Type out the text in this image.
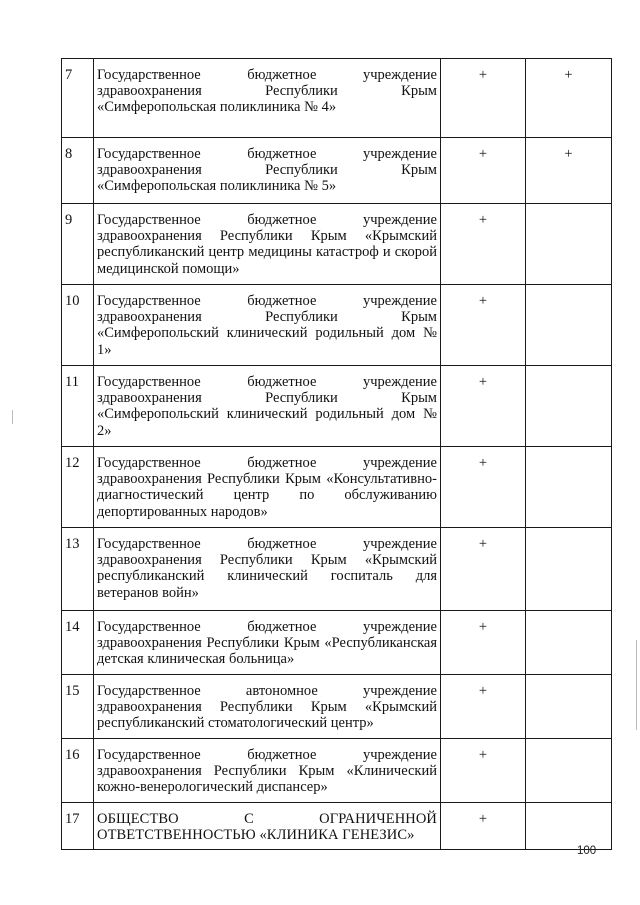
7	Государственное бюджетное учреждение здравоохранения Республики Крым «Симферопольская поликлиника № 4»	+	+
8	Государственное бюджетное учреждение здравоохранения Республики Крым «Симферопольская поликлиника № 5»	+	+
9	Государственное бюджетное учреждение здравоохранения Республики Крым «Крымский республиканский центр медицины катастроф и скорой медицинской помощи»	+	
10	Государственное бюджетное учреждение здравоохранения Республики Крым «Симферопольский клинический родильный дом № 1»	+	
11	Государственное бюджетное учреждение здравоохранения Республики Крым «Симферопольский клинический родильный дом № 2»	+	
12	Государственное бюджетное учреждение здравоохранения Республики Крым «Консультативно-диагностический центр по обслуживанию депортированных народов»	+	
13	Государственное бюджетное учреждение здравоохранения Республики Крым «Крымский республиканский клинический госпиталь для ветеранов войн»	+	
14	Государственное бюджетное учреждение здравоохранения Республики Крым «Республиканская детская клиническая больница»	+	
15	Государственное автономное учреждение здравоохранения Республики Крым «Крымский республиканский стоматологический центр»	+	
16	Государственное бюджетное учреждение здравоохранения Республики Крым «Клинический кожно-венерологический диспансер»	+	
17	ОБЩЕСТВО С ОГРАНИЧЕННОЙ ОТВЕТСТВЕННОСТЬЮ «КЛИНИКА ГЕНЕЗИС»	+	
100
